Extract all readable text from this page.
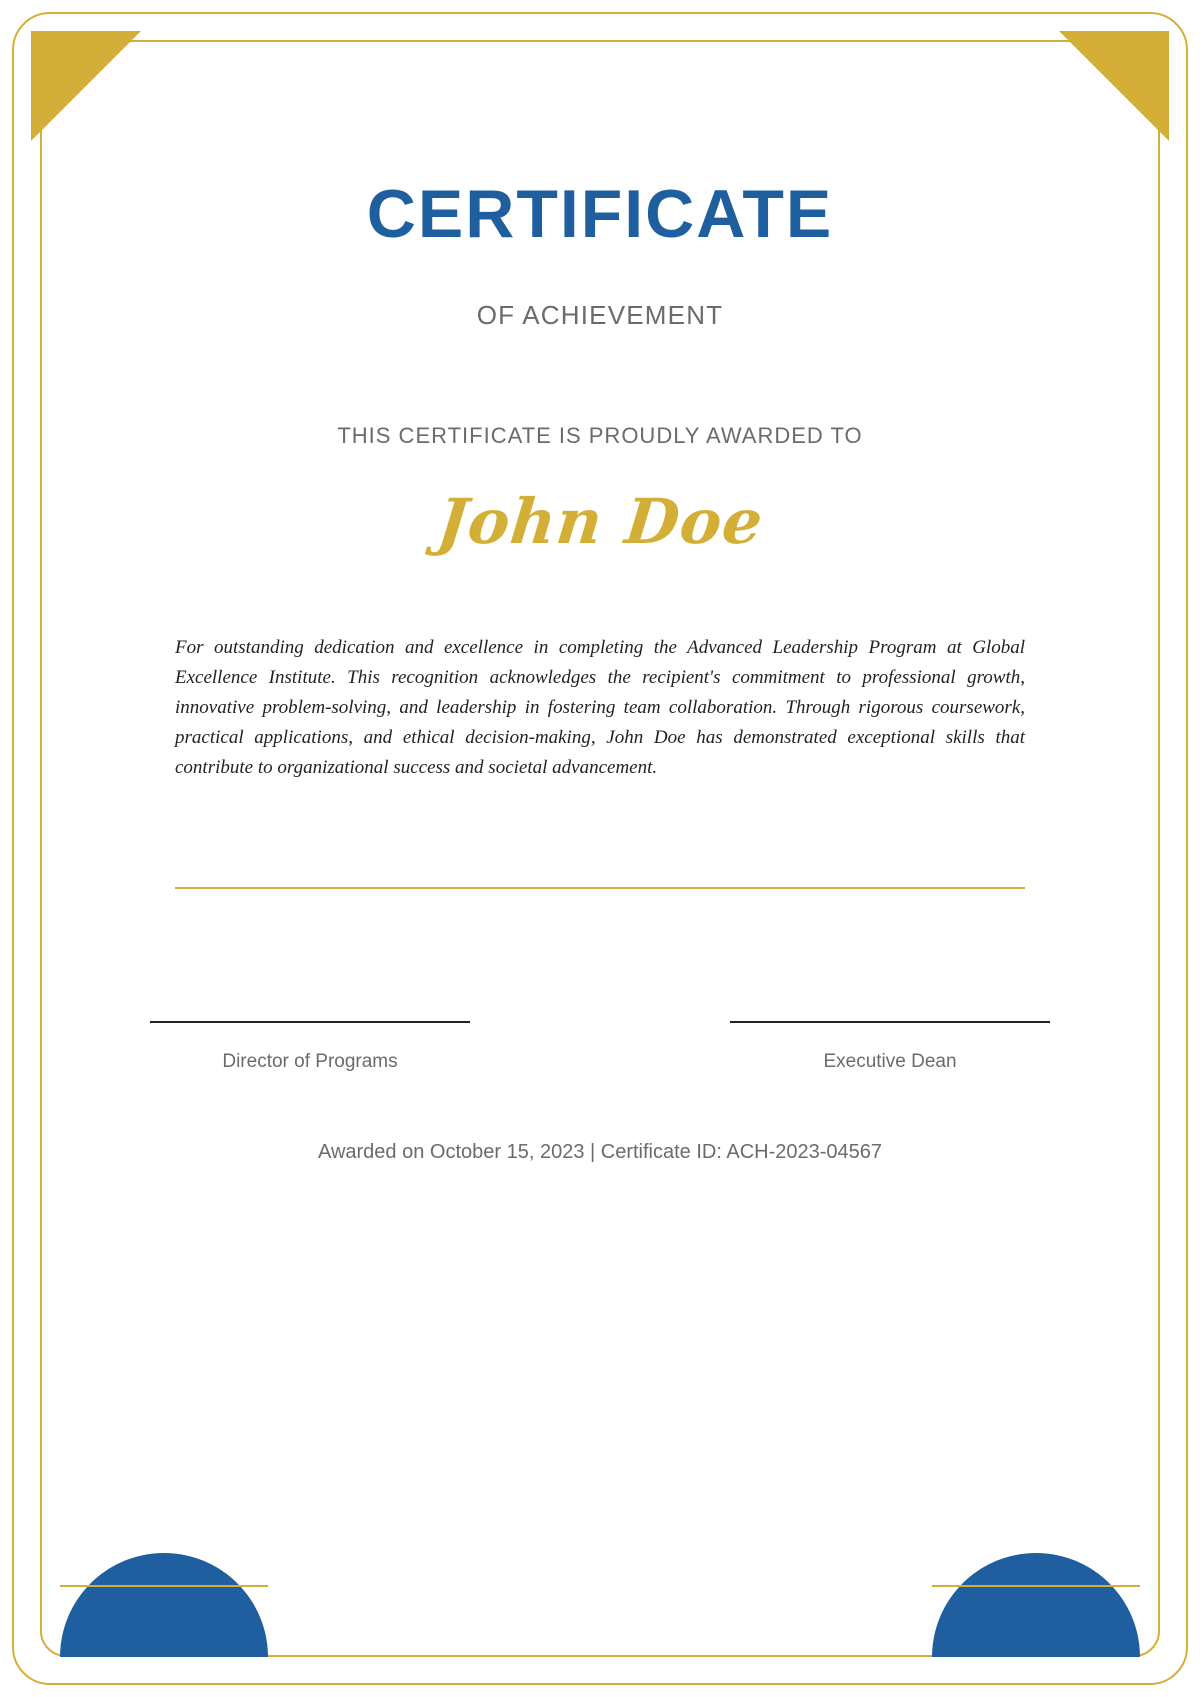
CERTIFICATE
OF ACHIEVEMENT
THIS CERTIFICATE IS PROUDLY AWARDED TO
John Doe
For outstanding dedication and excellence in completing the Advanced Leadership Program at Global Excellence Institute. This recognition acknowledges the recipient's commitment to professional growth, innovative problem-solving, and leadership in fostering team collaboration. Through rigorous coursework, practical applications, and ethical decision-making, John Doe has demonstrated exceptional skills that contribute to organizational success and societal advancement.
Director of Programs	Executive Dean
Awarded on October 15, 2023 | Certificate ID: ACH-2023-04567
